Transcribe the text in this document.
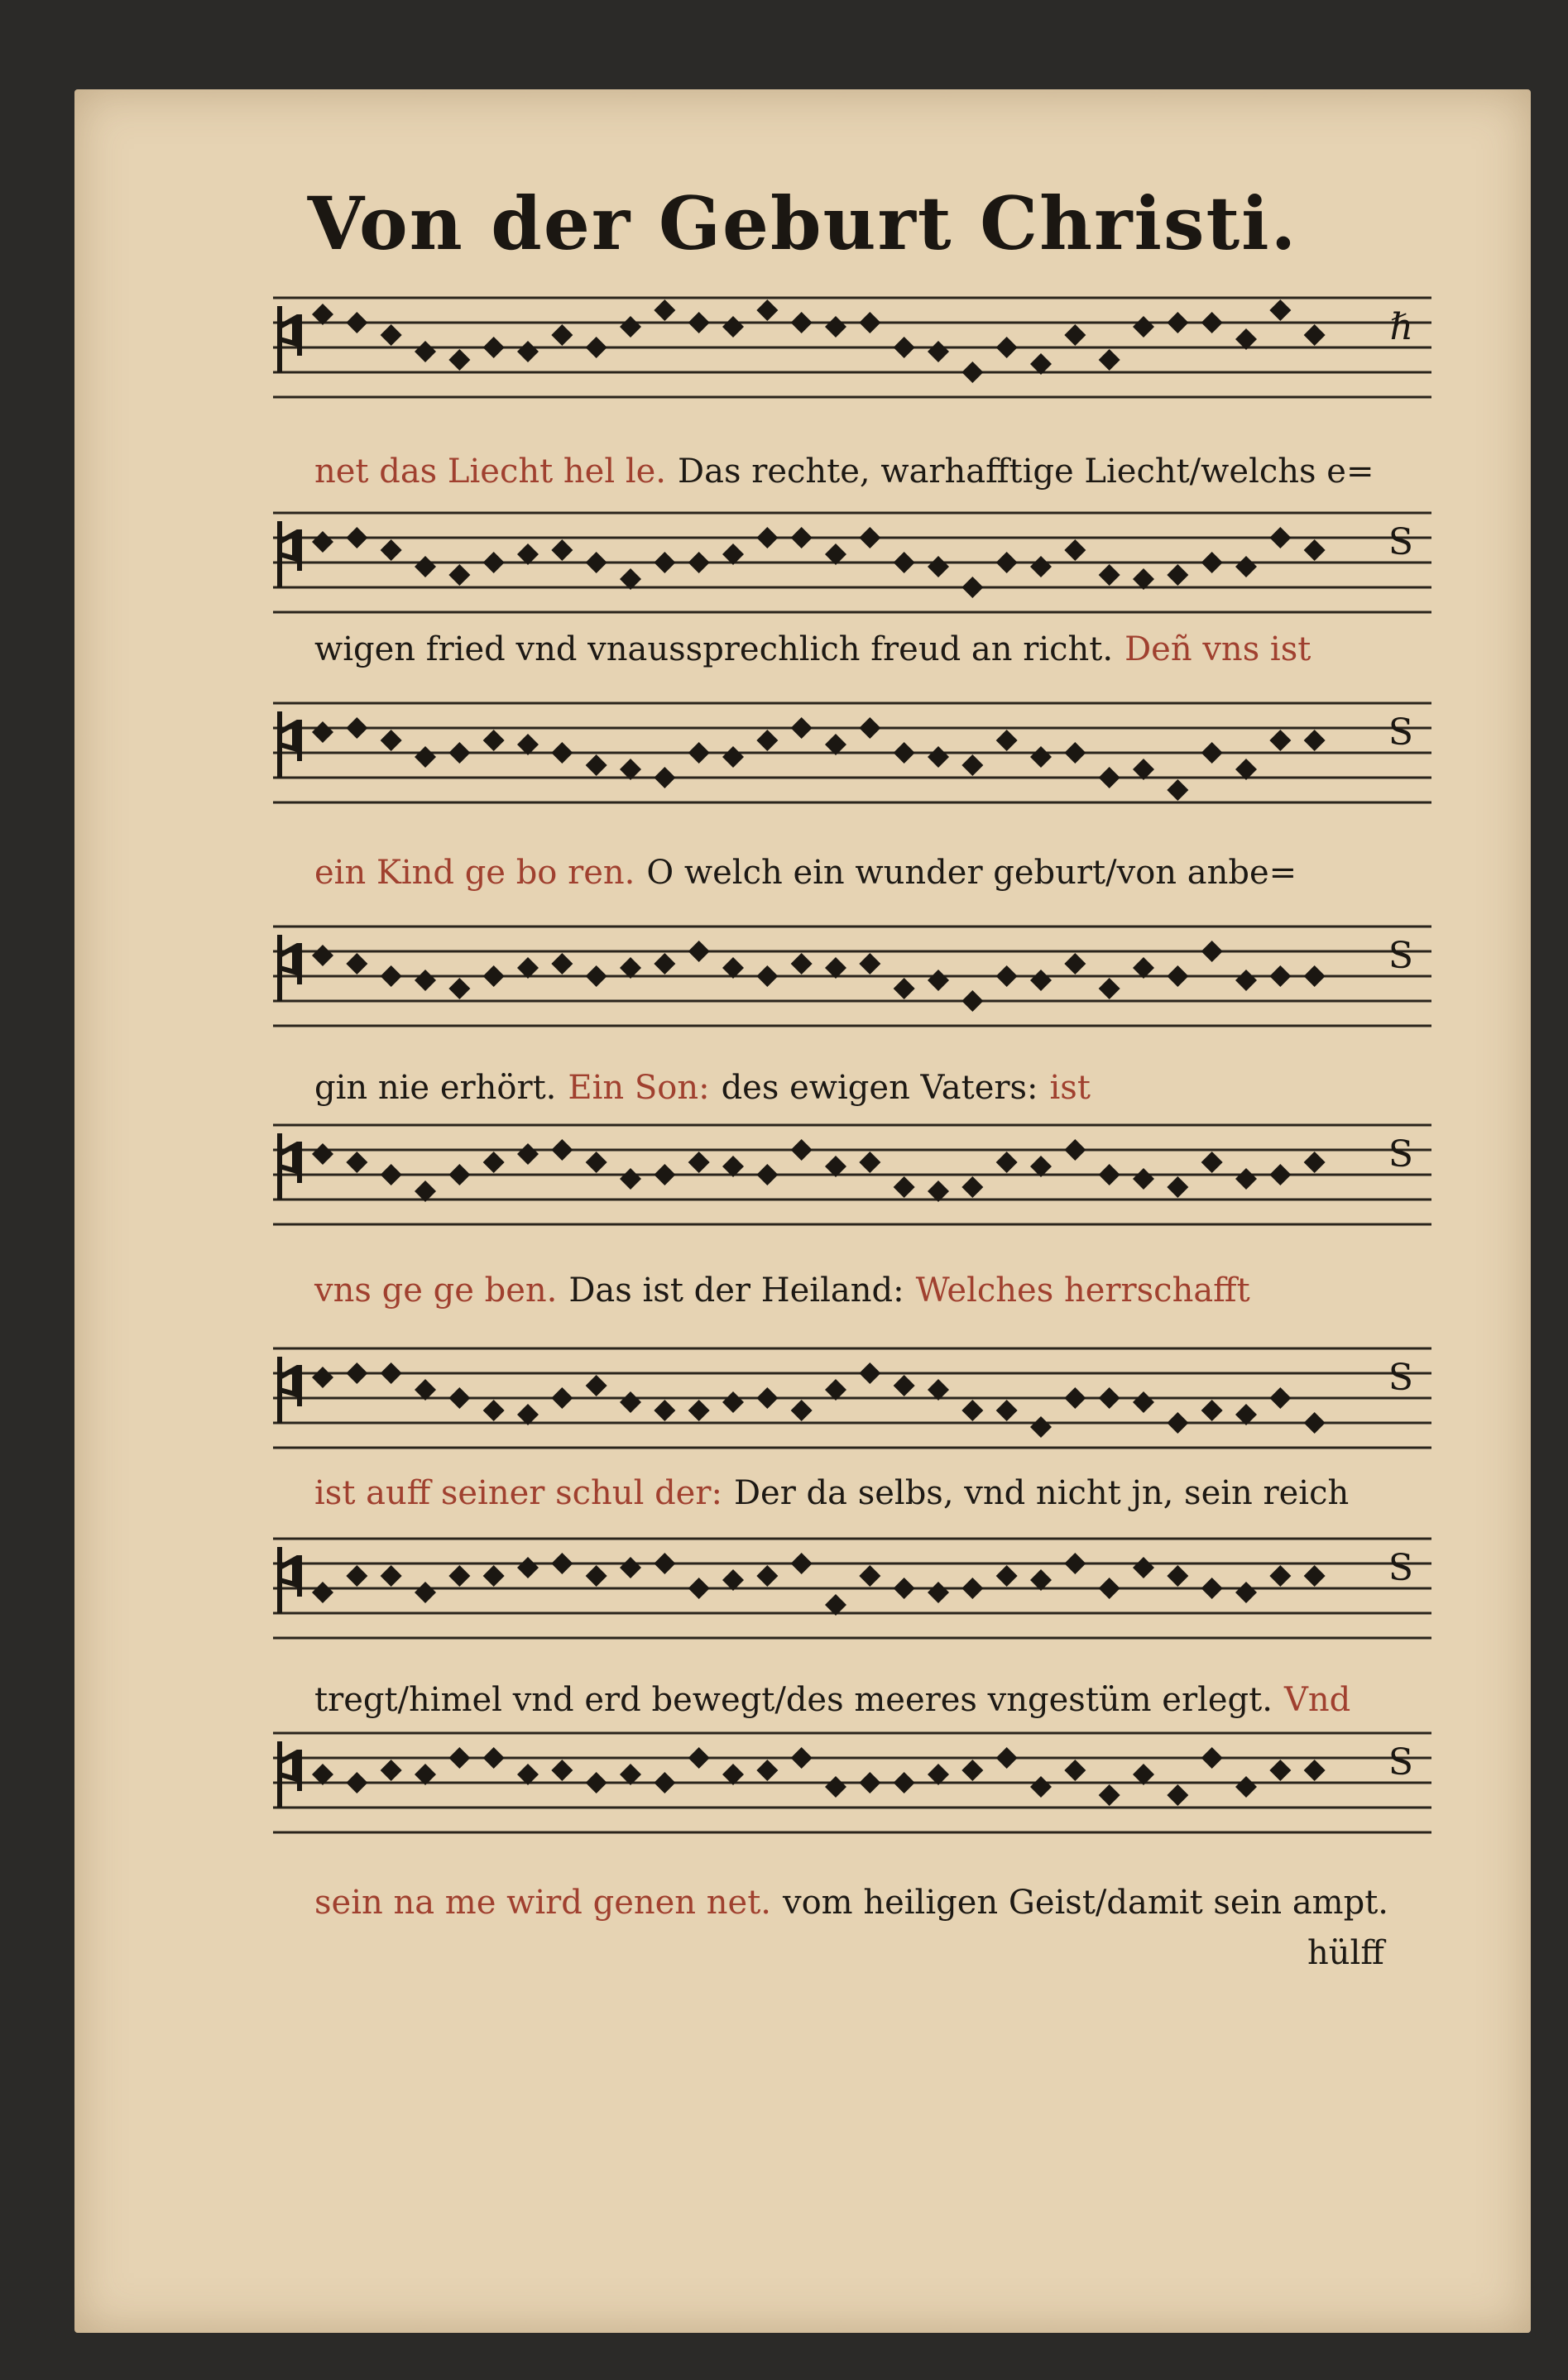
Von der Geburt Christi.
ℏ
net das Liecht hel le. Das rechte, warhafftige Liecht/welchs e=
S
wigen fried vnd vnaussprechlich freud an richt. Deñ vns ist
S
ein Kind ge bo ren. O welch ein wunder geburt/von anbe=
S
gin nie erhört. Ein Son: des ewigen Vaters: ist
S
vns ge ge ben. Das ist der Heiland: Welches herrschafft
S
ist auff seiner schul der: Der da selbs, vnd nicht jn, sein reich
S
tregt/himel vnd erd bewegt/des meeres vngestüm erlegt. Vnd
S
sein na me wird genen net. vom heiligen Geist/damit sein ampt.
hülff
